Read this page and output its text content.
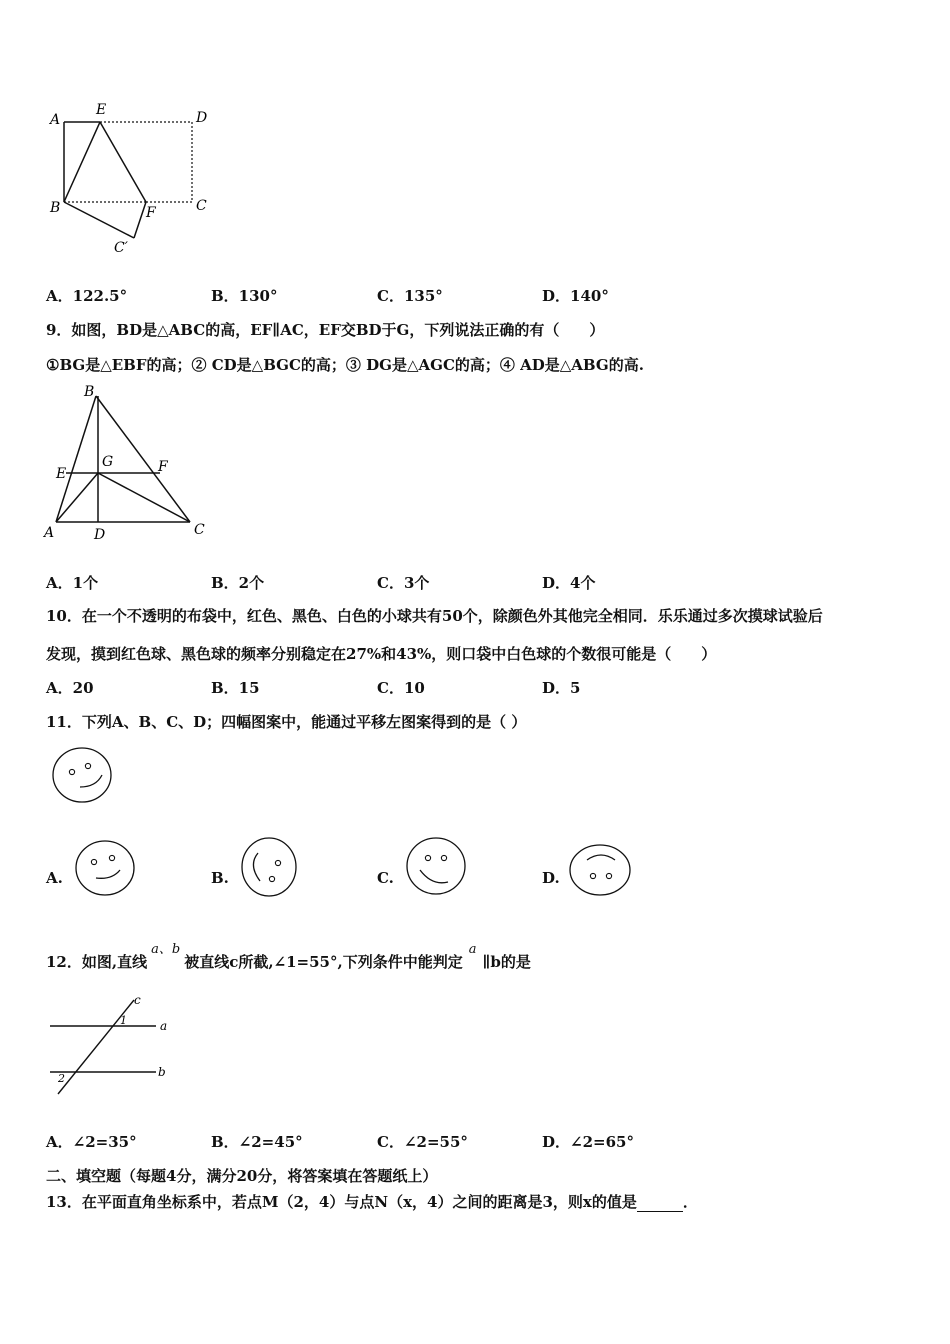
A
E	D
B	F	C
C′
A．122.5°	B．130°	C．135°	D．140°
9．如图，BD是△ABC的高，EF∥AC，EF交BD于G，下列说法正确的有（　　）
①BG是△EBF的高；② CD是△BGC的高；③ DG是△AGC的高；④ AD是△ABG的高.
B
E
G	F
A	D	C
A．1个	B．2个	C．3个	D．4个
10．在一个不透明的布袋中，红色、黑色、白色的小球共有50个，除颜色外其他完全相同．乐乐通过多次摸球试验后
发现，摸到红色球、黑色球的频率分别稳定在27%和43%，则口袋中白色球的个数很可能是（　　）
A．20	B．15	C．10	D．5
11．下列A、B、C、D；四幅图案中，能通过平移左图案得到的是（ ）
A.	B.	C.	D.
12．如图,直线a、b被直线c所截,∠1=55°,下列条件中能判定a∥b的是
c
1	a
2	b
A．∠2=35°	B．∠2=45°	C．∠2=55°	D．∠2=65°
二、填空题（每题4分，满分20分，将答案填在答题纸上）
13．在平面直角坐标系中，若点M（2，4）与点N（x，4）之间的距离是3，则x的值是	．
